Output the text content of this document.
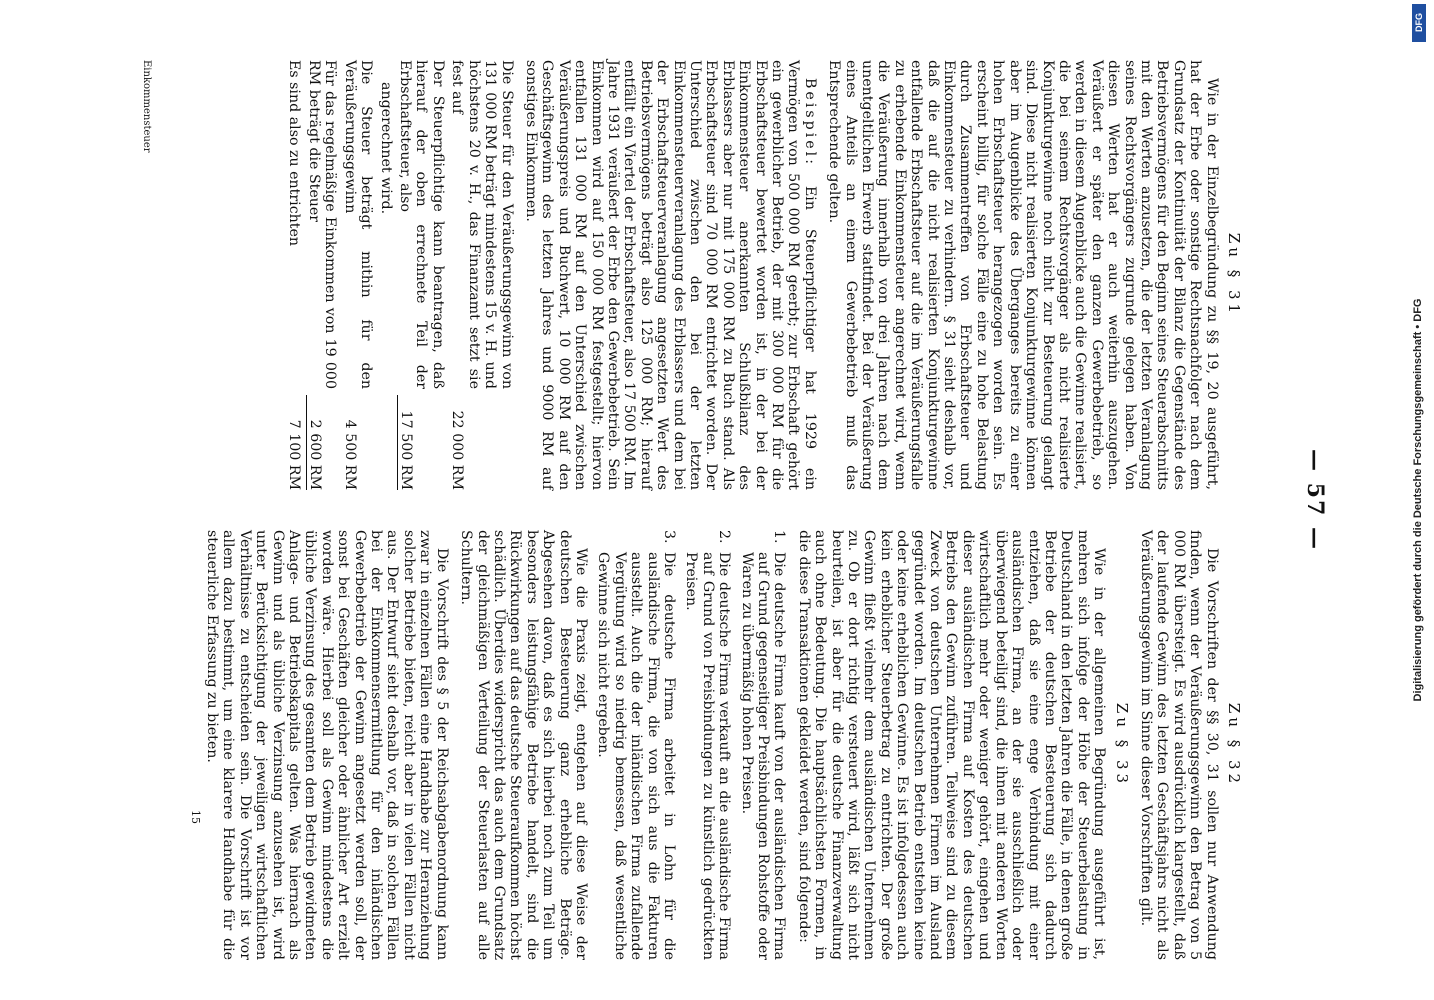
— 57 —
Zu § 31

Wie in der Einzelbegründung zu §§ 19, 20 ausgeführt, hat der Erbe oder sonstige Rechtsnachfolger nach dem Grundsatz der Kontinuität der Bilanz die Gegenstände des Betriebsvermögens für den Beginn seines Steuerabschnitts mit den Werten anzusetzen, die der letzten Veranlagung seines Rechtsvorgängers zugrunde gelegen haben. Von diesen Werten hat er auch weiterhin auszugehen. Veräußert er später den ganzen Gewerbebetrieb, so werden in diesem Augenblicke auch die Gewinne realisiert, die bei seinem Rechtsvorgänger als nicht realisierte Konjunkturgewinne noch nicht zur Besteuerung gelangt sind. Diese nicht realisierten Konjunkturgewinne können aber im Augenblicke des Überganges bereits zu einer hohen Erbschaftsteuer herangezogen worden sein. Es erscheint billig, für solche Fälle eine zu hohe Belastung durch Zusammentreffen von Erbschaftsteuer und Einkommensteuer zu verhindern. § 31 sieht deshalb vor, daß die auf die nicht realisierten Konjunkturgewinne entfallende Erbschaftsteuer auf die im Veräußerungsfalle zu erhebende Einkommensteuer angerechnet wird, wenn die Veräußerung innerhalb von drei Jahren nach dem unentgeltlichen Erwerb stattfindet. Bei der Veräußerung eines Anteils an einem Gewerbebetrieb muß das Entsprechende gelten.

Beispiel: Ein Steuerpflichtiger hat 1929 ein Vermögen von 500 000 RM geerbt; zur Erbschaft gehört ein gewerblicher Betrieb, der mit 300 000 RM für die Erbschaftsteuer bewertet worden ist, in der bei der Einkommensteuer anerkannten Schlußbilanz des Erblassers aber nur mit 175 000 RM zu Buch stand. Als Erbschaftsteuer sind 70 000 RM entrichtet worden. Der Unterschied zwischen den bei der letzten Einkommensteuerveranlagung des Erblassers und dem bei der Erbschaftsteuerveranlagung angesetzten Wert des Betriebsvermögens beträgt also 125 000 RM; hierauf entfällt ein Viertel der Erbschaftsteuer, also 17 500 RM. Im Jahre 1931 veräußert der Erbe den Gewerbebetrieb. Sein Einkommen wird auf 150 000 RM festgestellt; hiervon entfallen 131 000 RM auf den Unterschied zwischen Veräußerungspreis und Buchwert, 10 000 RM auf den Geschäftsgewinn des letzten Jahres und 9000 RM auf sonstiges Einkommen.

Die Steuer für den Veräußerungsgewinn von 131 000 RM beträgt mindestens 15 v. H. und höchstens 20 v. H., das Finanzamt setzt sie fest auf
22 000 RM
Der Steuerpflichtige kann beantragen, daß hierauf der oben errechnete Teil der Erbschaftsteuer, also
17 500 RM
angerechnet wird.
Die Steuer beträgt mithin für den Veräußerungsgewinn
4 500 RM
Für das regelmäßige Einkommen von 19 000 RM beträgt die Steuer
2 600 RM
Es sind also zu entrichten
7 100 RM
Zu § 32

Die Vorschriften der §§ 30, 31 sollen nur Anwendung finden, wenn der Veräußerungsgewinn den Betrag von 5 000 RM übersteigt. Es wird ausdrücklich klargestellt, daß der laufende Gewinn des letzten Geschäftsjahrs nicht als Veräußerungsgewinn im Sinne dieser Vorschriften gilt.

Zu § 33

Wie in der allgemeinen Begründung ausgeführt ist, mehren sich infolge der Höhe der Steuerbelastung in Deutschland in den letzten Jahren die Fälle, in denen große Betriebe der deutschen Besteuerung sich dadurch entziehen, daß sie eine enge Verbindung mit einer ausländischen Firma, an der sie ausschließlich oder überwiegend beteiligt sind, die ihnen mit anderen Worten wirtschaftlich mehr oder weniger gehört, eingehen und dieser ausländischen Firma auf Kosten des deutschen Betriebs den Gewinn zuführen. Teilweise sind zu diesem Zweck von deutschen Unternehmen Firmen im Ausland gegründet worden. Im deutschen Betrieb entstehen keine oder keine erheblichen Gewinne. Es ist infolgedessen auch kein erheblicher Steuerbetrag zu entrichten. Der große Gewinn fließt vielmehr dem ausländischen Unternehmen zu. Ob er dort richtig versteuert wird, läßt sich nicht beurteilen, ist aber für die deutsche Finanzverwaltung auch ohne Bedeutung. Die hauptsächlichsten Formen, in die diese Transaktionen gekleidet werden, sind folgende:

1.
Die deutsche Firma kauft von der ausländischen Firma auf Grund gegenseitiger Preisbindungen Rohstoffe oder Waren zu übermäßig hohen Preisen.
2.
Die deutsche Firma verkauft an die ausländische Firma auf Grund von Preisbindungen zu künstlich gedrückten Preisen.
3.
Die deutsche Firma arbeitet in Lohn für die ausländische Firma, die von sich aus die Fakturen ausstellt. Auch die der inländischen Firma zufallende Vergütung wird so niedrig bemessen, daß wesentliche Gewinne sich nicht ergeben.

Wie die Praxis zeigt, entgehen auf diese Weise der deutschen Besteuerung ganz erhebliche Beträge. Abgesehen davon, daß es sich hierbei noch zum Teil um besonders leistungsfähige Betriebe handelt, sind die Rückwirkungen auf das deutsche Steueraufkommen höchst schädlich. Überdies widerspricht das auch dem Grundsatz der gleichmäßigen Verteilung der Steuerlasten auf alle Schultern.

Die Vorschrift des § 5 der Reichsabgabenordnung kann zwar in einzelnen Fällen eine Handhabe zur Heranziehung solcher Betriebe bieten, reicht aber in vielen Fällen nicht aus. Der Entwurf sieht deshalb vor, daß in solchen Fällen bei der Einkommensermittlung für den inländischen Gewerbebetrieb der Gewinn angesetzt werden soll, der sonst bei Geschäften gleicher oder ähnlicher Art erzielt worden wäre. Hierbei soll als Gewinn mindestens die übliche Verzinsung des gesamten dem Betrieb gewidmeten Anlage- und Betriebskapitals gelten. Was hiernach als Gewinn und als übliche Verzinsung anzusehen ist, wird unter Berücksichtigung der jeweiligen wirtschaftlichen Verhältnisse zu entscheiden sein. Die Vorschrift ist vor allem dazu bestimmt, um eine klarere Handhabe für die steuerliche Erfassung zu bieten.

Einkommensteuer
15
DFG
Digitalisierung gefördert durch die Deutsche Forschungsgemeinschaft • DFG
